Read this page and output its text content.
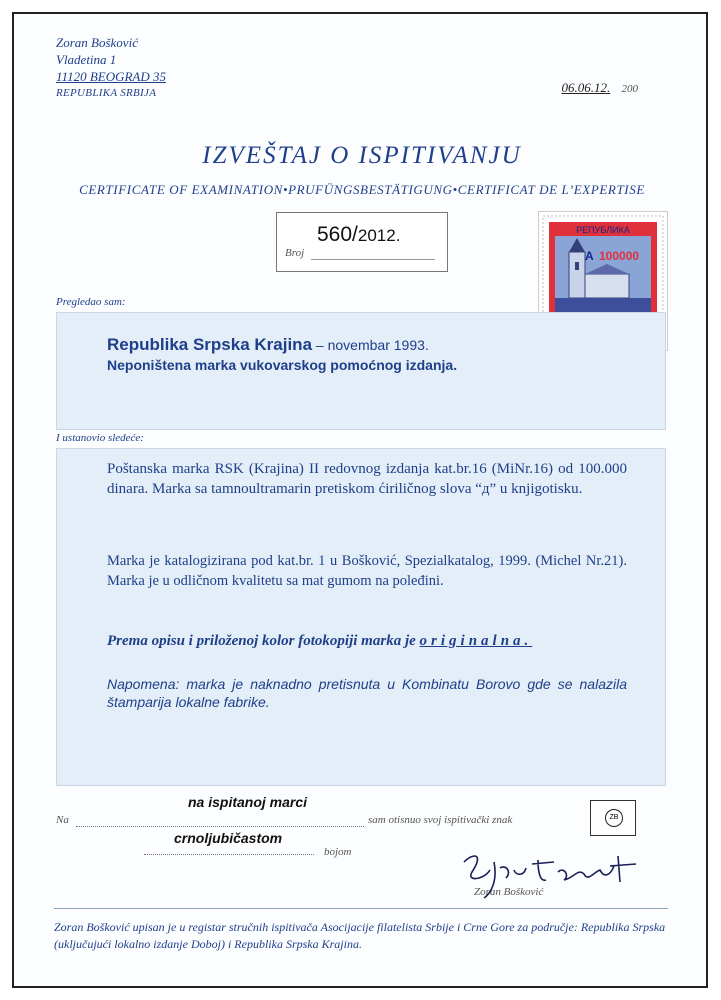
Zoran Bošković
Vladetina 1
11120 BEOGRAD 35
REPUBLIKA SRBIJA	06.06.12. 200
IZVEŠTAJ O ISPITIVANJU
CERTIFICATE OF EXAMINATION•PRUFÜNGSBESTÄTIGUNG•CERTIFICAT DE L’EXPERTISE
560/2012.
Broj
РЕПУБЛИКА
A 100000
Pregledao sam:
Republika Srpska Krajina – novembar 1993.
Neponištena marka vukovarskog pomoćnog izdanja.
I ustanovio sledeće:
Poštanska marka RSK (Krajina) II redovnog izdanja kat.br.16 (MiNr.16) od 100.000 dinara. Marka sa tamnoultramarin pretiskom ćiriličnog slova “д” u knjigotisku.
Marka je katalogizirana pod kat.br. 1 u Bošković, Spezialkatalog, 1999. (Michel Nr.21). Marka je u odličnom kvalitetu sa mat gumom na poleđini.
Prema opisu i priloženoj kolor fotokopiji marka je originalna.
Napomena: marka je naknadno pretisnuta u Kombinatu Borovo gde se nalazila štamparija lokalne fabrike.
Na
na ispitanoj marci
sam otisnuo svoj ispitivački znak	ZB
crnoljubičastom
bojom
Zoran Bošković
Zoran Bošković upisan je u registar stručnih ispitivača Asocijacije filatelista Srbije i Crne Gore za područje: Republika Srpska (uključujući lokalno izdanje Doboj) i Republika Srpska Krajina.
